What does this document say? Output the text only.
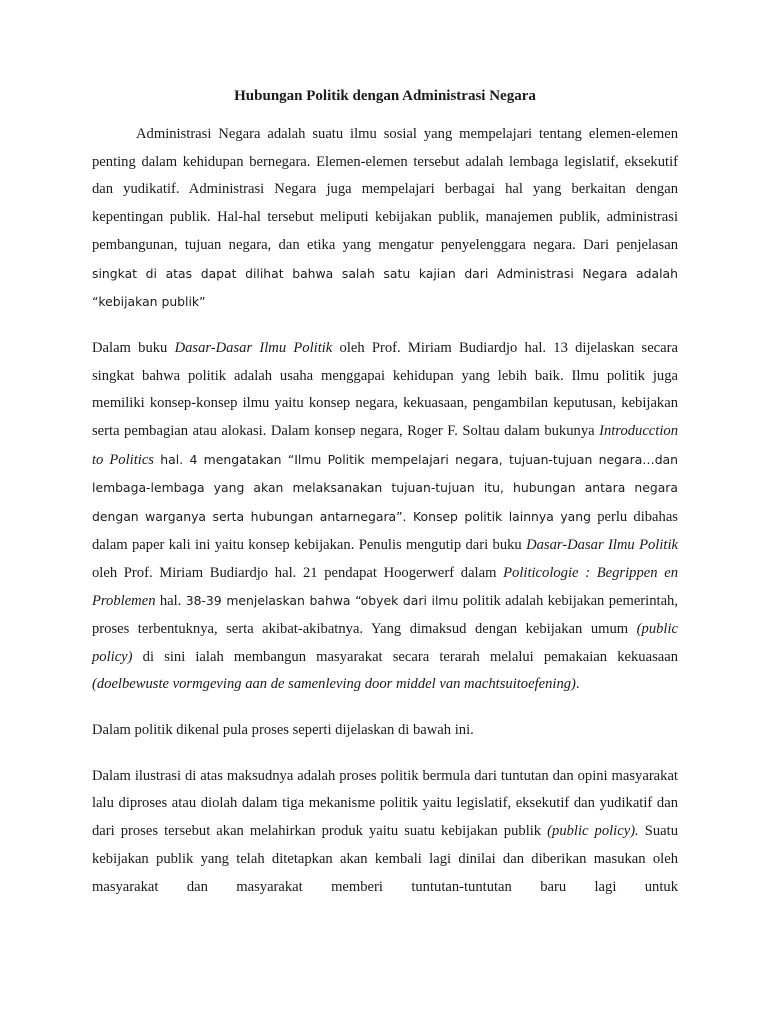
Hubungan Politik dengan Administrasi Negara

Administrasi Negara adalah suatu ilmu sosial yang mempelajari tentang elemen-elemen penting dalam kehidupan bernegara. Elemen-elemen tersebut adalah lembaga legislatif, eksekutif dan yudikatif. Administrasi Negara juga mempelajari berbagai hal yang berkaitan dengan kepentingan publik. Hal-hal tersebut meliputi kebijakan publik, manajemen publik, administrasi pembangunan, tujuan negara, dan etika yang mengatur penyelenggara negara. Dari penjelasan singkat di atas dapat dilihat bahwa salah satu kajian dari Administrasi Negara adalah “kebijakan publik”

Dalam buku Dasar-Dasar Ilmu Politik oleh Prof. Miriam Budiardjo hal. 13 dijelaskan secara singkat bahwa politik adalah usaha menggapai kehidupan yang lebih baik. Ilmu politik juga memiliki konsep-konsep ilmu yaitu konsep negara, kekuasaan, pengambilan keputusan, kebijakan serta pembagian atau alokasi. Dalam konsep negara, Roger F. Soltau dalam bukunya Introducction to Politics hal. 4 mengatakan “Ilmu Politik mempelajari negara, tujuan-tujuan negara…dan lembaga-lembaga yang akan melaksanakan tujuan-tujuan itu, hubungan antara negara dengan warganya serta hubungan antarnegara”. Konsep politik lainnya yang perlu dibahas dalam paper kali ini yaitu konsep kebijakan. Penulis mengutip dari buku Dasar-Dasar Ilmu Politik oleh Prof. Miriam Budiardjo hal. 21 pendapat Hoogerwerf dalam Politicologie : Begrippen en Problemen hal. 38-39 menjelaskan bahwa “obyek dari ilmu politik adalah kebijakan pemerintah, proses terbentuknya, serta akibat-akibatnya. Yang dimaksud dengan kebijakan umum (public policy) di sini ialah membangun masyarakat secara terarah melalui pemakaian kekuasaan (doelbewuste vormgeving aan de samenleving door middel van machtsuitoefening).

Dalam politik dikenal pula proses seperti dijelaskan di bawah ini.

Dalam ilustrasi di atas maksudnya adalah proses politik bermula dari tuntutan dan opini masyarakat lalu diproses atau diolah dalam tiga mekanisme politik yaitu legislatif, eksekutif dan yudikatif dan dari proses tersebut akan melahirkan produk yaitu suatu kebijakan publik (public policy). Suatu kebijakan publik yang telah ditetapkan akan kembali lagi dinilai dan diberikan masukan oleh masyarakat dan masyarakat memberi tuntutan-tuntutan baru lagi untuk
